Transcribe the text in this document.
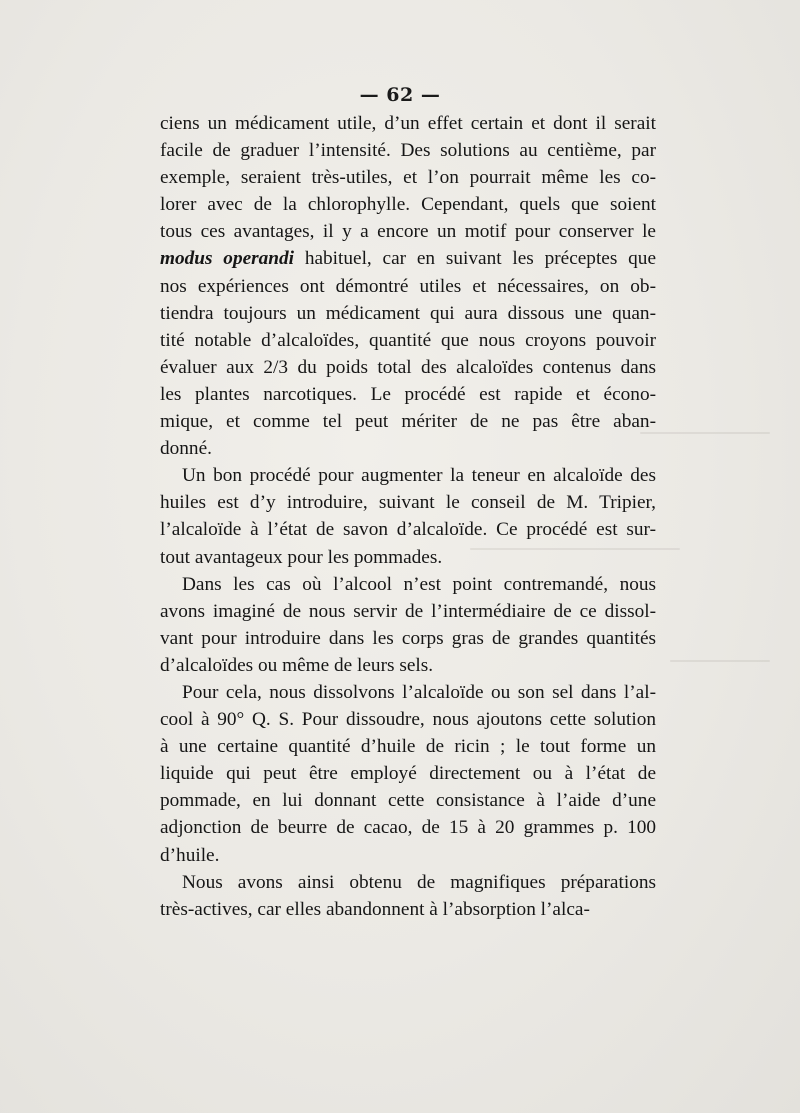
— 62 —
ciens un médicament utile, d’un effet certain et dont il serait
facile de graduer l’intensité. Des solutions au centième, par
exemple, seraient très-utiles, et l’on pourrait même les co-
lorer avec de la chlorophylle. Cependant, quels que soient
tous ces avantages, il y a encore un motif pour conserver le
modus operandi habituel, car en suivant les préceptes que
nos expériences ont démontré utiles et nécessaires, on ob-
tiendra toujours un médicament qui aura dissous une quan-
tité notable d’alcaloïdes, quantité que nous croyons pouvoir
évaluer aux 2/3 du poids total des alcaloïdes contenus dans
les plantes narcotiques. Le procédé est rapide et écono-
mique, et comme tel peut mériter de ne pas être aban-
donné.
Un bon procédé pour augmenter la teneur en alcaloïde des
huiles est d’y introduire, suivant le conseil de M. Tripier,
l’alcaloïde à l’état de savon d’alcaloïde. Ce procédé est sur-
tout avantageux pour les pommades.
Dans les cas où l’alcool n’est point contremandé, nous
avons imaginé de nous servir de l’intermédiaire de ce dissol-
vant pour introduire dans les corps gras de grandes quantités
d’alcaloïdes ou même de leurs sels.
Pour cela, nous dissolvons l’alcaloïde ou son sel dans l’al-
cool à 90° Q. S. Pour dissoudre, nous ajoutons cette solution
à une certaine quantité d’huile de ricin ; le tout forme un
liquide qui peut être employé directement ou à l’état de
pommade, en lui donnant cette consistance à l’aide d’une
adjonction de beurre de cacao, de 15 à 20 grammes p. 100
d’huile.
Nous avons ainsi obtenu de magnifiques préparations
très-actives, car elles abandonnent à l’absorption l’alca-
